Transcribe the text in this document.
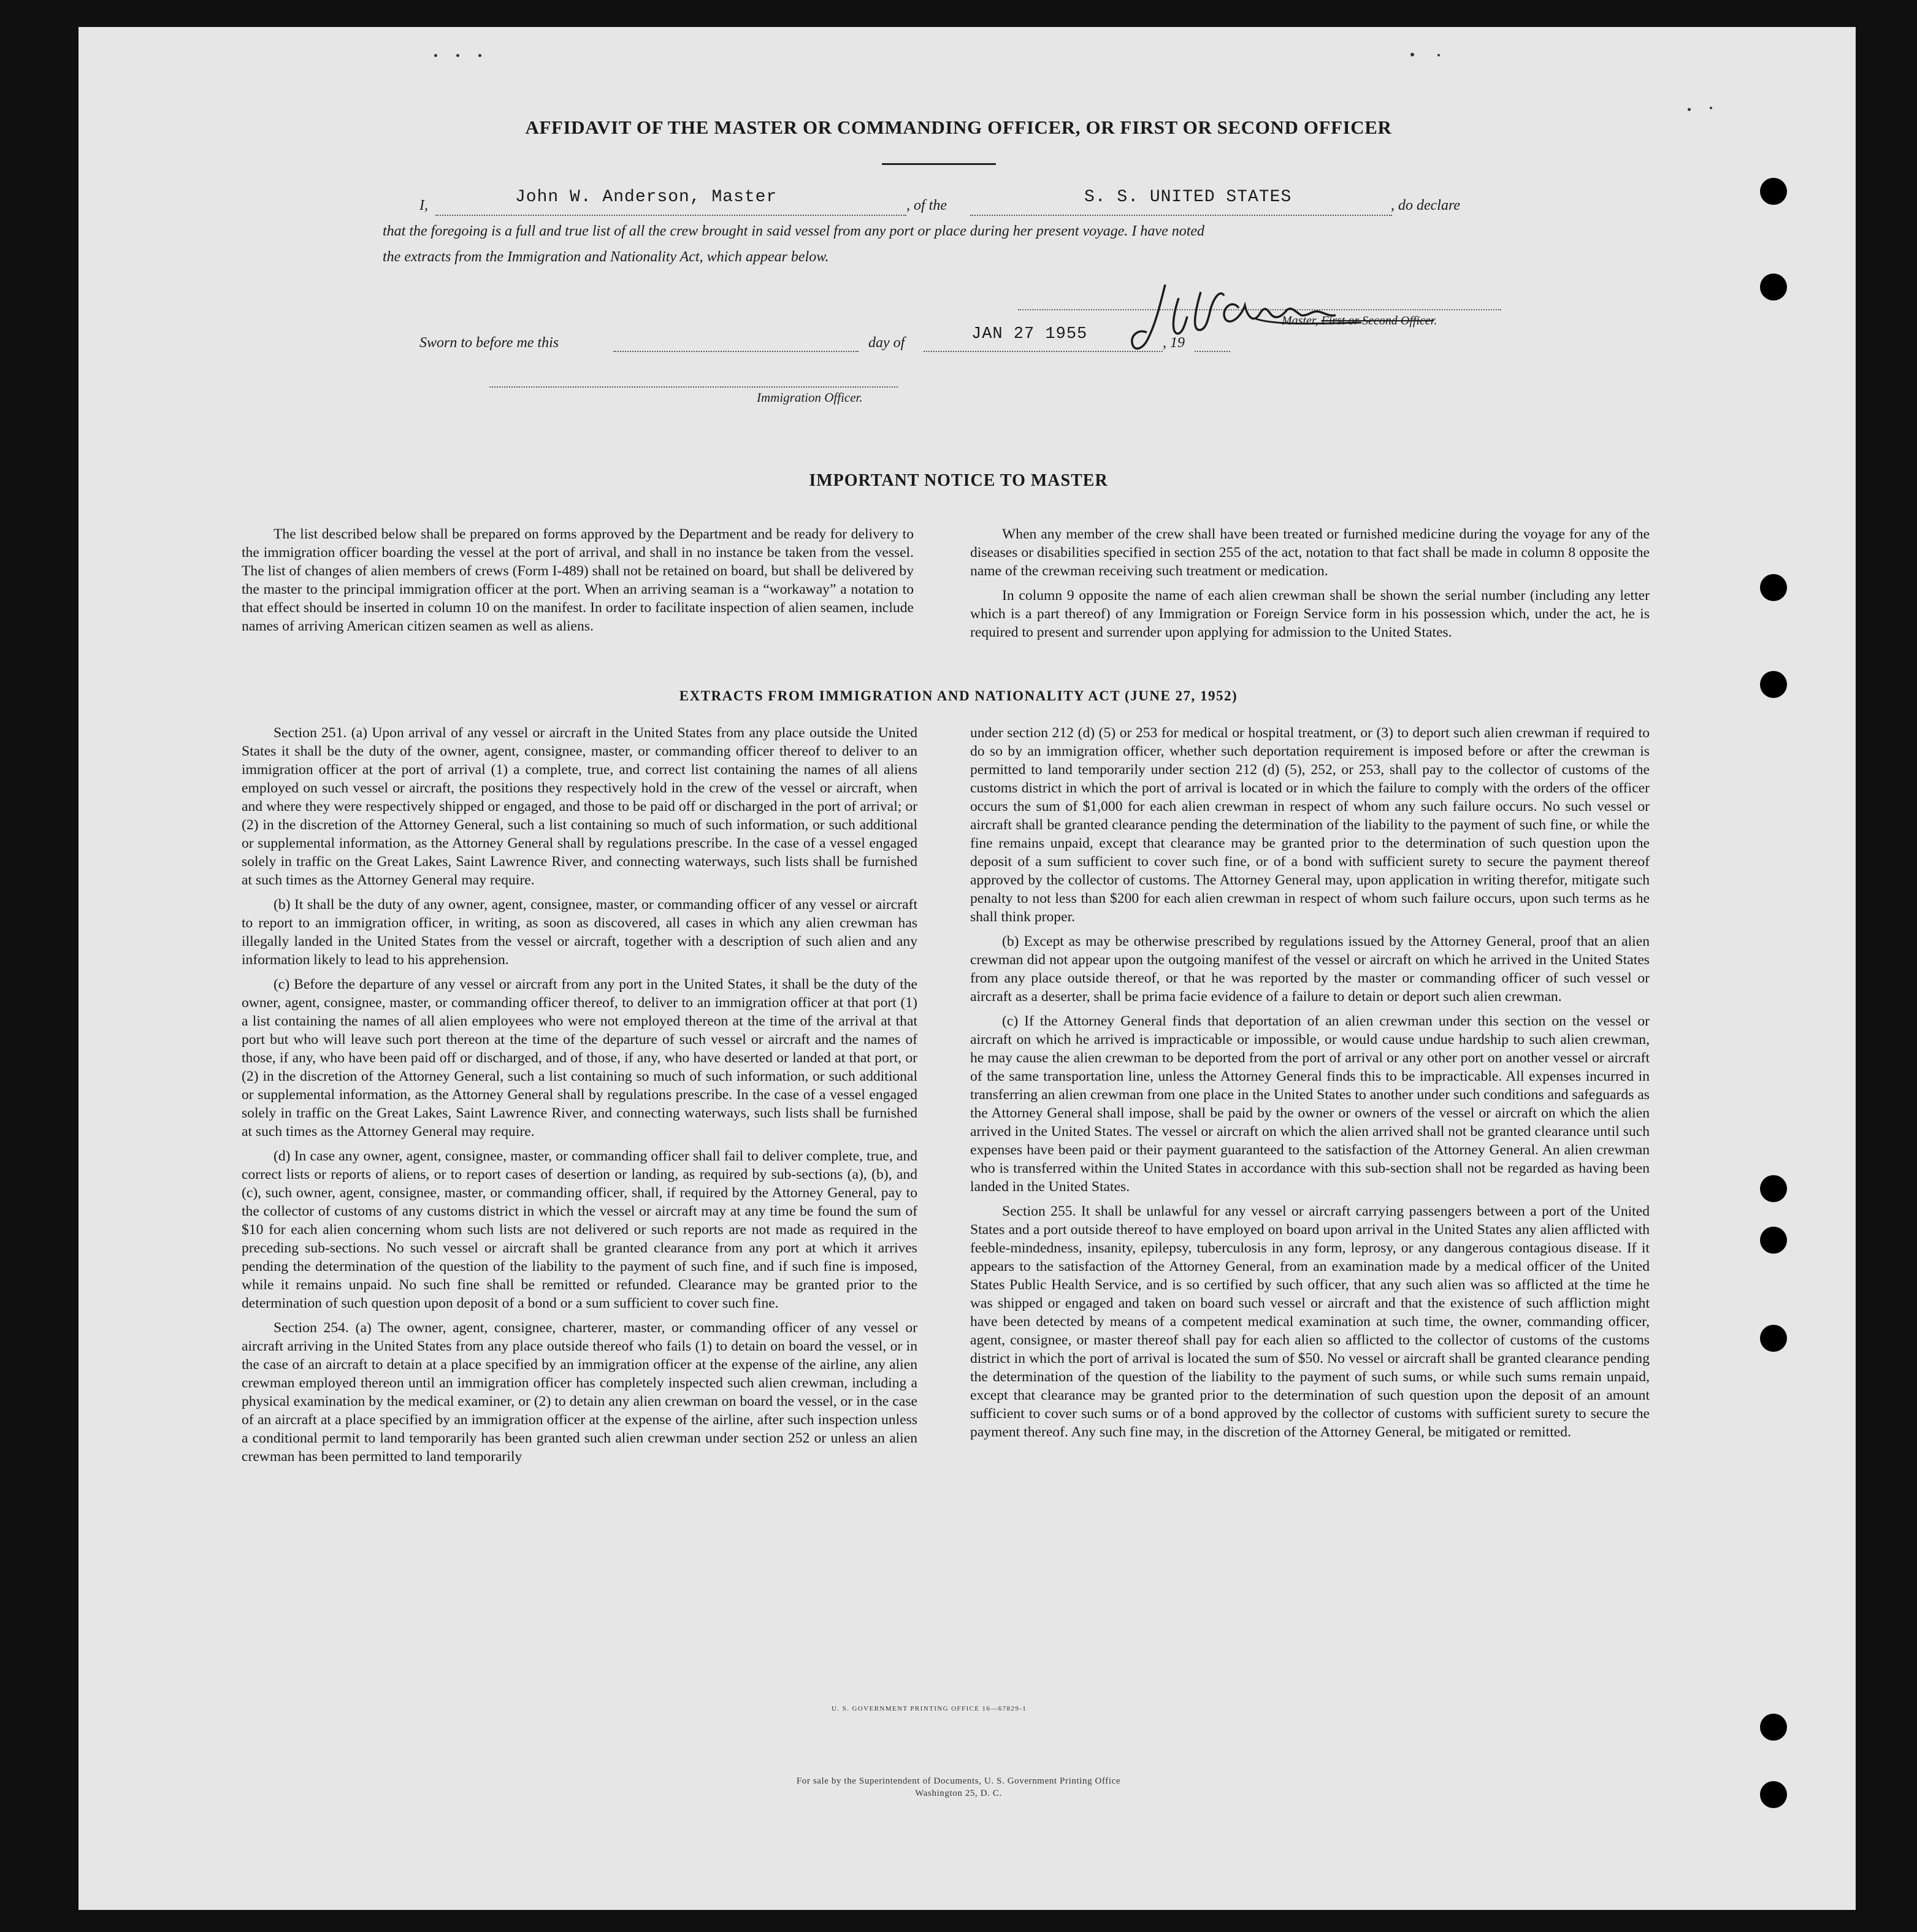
AFFIDAVIT OF THE MASTER OR COMMANDING OFFICER, OR FIRST OR SECOND OFFICER
I,	John W. Anderson, Master	, of the	S. S. UNITED STATES	, do declare
that the foregoing is a full and true list of all the crew brought in said vessel from any port or place during her present voyage. I have noted
the extracts from the Immigration and Nationality Act, which appear below.
Master, First or Second Officer.
Sworn to before me this	day of	JAN 27 1955	, 19
Immigration Officer.
IMPORTANT NOTICE TO MASTER

The list described below shall be prepared on forms approved by the Department and be ready for delivery to the immigration officer boarding the vessel at the port of arrival, and shall in no instance be taken from the vessel. The list of changes of alien members of crews (Form I-489) shall not be retained on board, but shall be delivered by the master to the principal immigration officer at the port. When an arriving seaman is a “workaway” a notation to that effect should be inserted in column 10 on the manifest. In order to facilitate inspection of alien seamen, include names of arriving American citizen seamen as well as aliens.

When any member of the crew shall have been treated or furnished medicine during the voyage for any of the diseases or disabilities specified in section 255 of the act, notation to that fact shall be made in column 8 opposite the name of the crewman receiving such treatment or medication.

In column 9 opposite the name of each alien crewman shall be shown the serial number (including any letter which is a part thereof) of any Immigration or Foreign Service form in his possession which, under the act, he is required to present and surrender upon applying for admission to the United States.

EXTRACTS FROM IMMIGRATION AND NATIONALITY ACT (JUNE 27, 1952)

Section 251. (a) Upon arrival of any vessel or aircraft in the United States from any place outside the United States it shall be the duty of the owner, agent, consignee, master, or commanding officer thereof to deliver to an immigration officer at the port of arrival (1) a complete, true, and correct list containing the names of all aliens employed on such vessel or aircraft, the positions they respectively hold in the crew of the vessel or aircraft, when and where they were respectively shipped or engaged, and those to be paid off or discharged in the port of arrival; or (2) in the discretion of the Attorney General, such a list containing so much of such information, or such additional or supplemental information, as the Attorney General shall by regulations prescribe. In the case of a vessel engaged solely in traffic on the Great Lakes, Saint Lawrence River, and connecting waterways, such lists shall be furnished at such times as the Attorney General may require.

(b) It shall be the duty of any owner, agent, consignee, master, or commanding officer of any vessel or aircraft to report to an immigration officer, in writing, as soon as discovered, all cases in which any alien crewman has illegally landed in the United States from the vessel or aircraft, together with a description of such alien and any information likely to lead to his apprehension.

(c) Before the departure of any vessel or aircraft from any port in the United States, it shall be the duty of the owner, agent, consignee, master, or commanding officer thereof, to deliver to an immigration officer at that port (1) a list containing the names of all alien employees who were not employed thereon at the time of the arrival at that port but who will leave such port thereon at the time of the departure of such vessel or aircraft and the names of those, if any, who have been paid off or discharged, and of those, if any, who have deserted or landed at that port, or (2) in the discretion of the Attorney General, such a list containing so much of such information, or such additional or supplemental information, as the Attorney General shall by regulations prescribe. In the case of a vessel engaged solely in traffic on the Great Lakes, Saint Lawrence River, and connecting waterways, such lists shall be furnished at such times as the Attorney General may require.

(d) In case any owner, agent, consignee, master, or commanding officer shall fail to deliver complete, true, and correct lists or reports of aliens, or to report cases of desertion or landing, as required by sub-sections (a), (b), and (c), such owner, agent, consignee, master, or commanding officer, shall, if required by the Attorney General, pay to the collector of customs of any customs district in which the vessel or aircraft may at any time be found the sum of $10 for each alien concerning whom such lists are not delivered or such reports are not made as required in the preceding sub-sections. No such vessel or aircraft shall be granted clearance from any port at which it arrives pending the determination of the question of the liability to the payment of such fine, and if such fine is imposed, while it remains unpaid. No such fine shall be remitted or refunded. Clearance may be granted prior to the determination of such question upon deposit of a bond or a sum sufficient to cover such fine.

Section 254. (a) The owner, agent, consignee, charterer, master, or commanding officer of any vessel or aircraft arriving in the United States from any place outside thereof who fails (1) to detain on board the vessel, or in the case of an aircraft to detain at a place specified by an immigration officer at the expense of the airline, any alien crewman employed thereon until an immigration officer has completely inspected such alien crewman, including a physical examination by the medical examiner, or (2) to detain any alien crewman on board the vessel, or in the case of an aircraft at a place specified by an immigration officer at the expense of the airline, after such inspection unless a conditional permit to land temporarily has been granted such alien crewman under section 252 or unless an alien crewman has been permitted to land temporarily

under section 212 (d) (5) or 253 for medical or hospital treatment, or (3) to deport such alien crewman if required to do so by an immigration officer, whether such deportation requirement is imposed before or after the crewman is permitted to land temporarily under section 212 (d) (5), 252, or 253, shall pay to the collector of customs of the customs district in which the port of arrival is located or in which the failure to comply with the orders of the officer occurs the sum of $1,000 for each alien crewman in respect of whom any such failure occurs. No such vessel or aircraft shall be granted clearance pending the determination of the liability to the payment of such fine, or while the fine remains unpaid, except that clearance may be granted prior to the determination of such question upon the deposit of a sum sufficient to cover such fine, or of a bond with sufficient surety to secure the payment thereof approved by the collector of customs. The Attorney General may, upon application in writing therefor, mitigate such penalty to not less than $200 for each alien crewman in respect of whom such failure occurs, upon such terms as he shall think proper.

(b) Except as may be otherwise prescribed by regulations issued by the Attorney General, proof that an alien crewman did not appear upon the outgoing manifest of the vessel or aircraft on which he arrived in the United States from any place outside thereof, or that he was reported by the master or commanding officer of such vessel or aircraft as a deserter, shall be prima facie evidence of a failure to detain or deport such alien crewman.

(c) If the Attorney General finds that deportation of an alien crewman under this section on the vessel or aircraft on which he arrived is impracticable or impossible, or would cause undue hardship to such alien crewman, he may cause the alien crewman to be deported from the port of arrival or any other port on another vessel or aircraft of the same transportation line, unless the Attorney General finds this to be impracticable. All expenses incurred in transferring an alien crewman from one place in the United States to another under such conditions and safeguards as the Attorney General shall impose, shall be paid by the owner or owners of the vessel or aircraft on which the alien arrived in the United States. The vessel or aircraft on which the alien arrived shall not be granted clearance until such expenses have been paid or their payment guaranteed to the satisfaction of the Attorney General. An alien crewman who is transferred within the United States in accordance with this sub-section shall not be regarded as having been landed in the United States.

Section 255. It shall be unlawful for any vessel or aircraft carrying passengers between a port of the United States and a port outside thereof to have employed on board upon arrival in the United States any alien afflicted with feeble-mindedness, insanity, epilepsy, tuberculosis in any form, leprosy, or any dangerous contagious disease. If it appears to the satisfaction of the Attorney General, from an examination made by a medical officer of the United States Public Health Service, and is so certified by such officer, that any such alien was so afflicted at the time he was shipped or engaged and taken on board such vessel or aircraft and that the existence of such affliction might have been detected by means of a competent medical examination at such time, the owner, commanding officer, agent, consignee, or master thereof shall pay for each alien so afflicted to the collector of customs of the customs district in which the port of arrival is located the sum of $50. No vessel or aircraft shall be granted clearance pending the determination of the question of the liability to the payment of such sums, or while such sums remain unpaid, except that clearance may be granted prior to the determination of such question upon the deposit of an amount sufficient to cover such sums or of a bond approved by the collector of customs with sufficient surety to secure the payment thereof. Any such fine may, in the discretion of the Attorney General, be mitigated or remitted.

U. S. GOVERNMENT PRINTING OFFICE 16—67829-1
For sale by the Superintendent of Documents, U. S. Government Printing Office
Washington 25, D. C.
